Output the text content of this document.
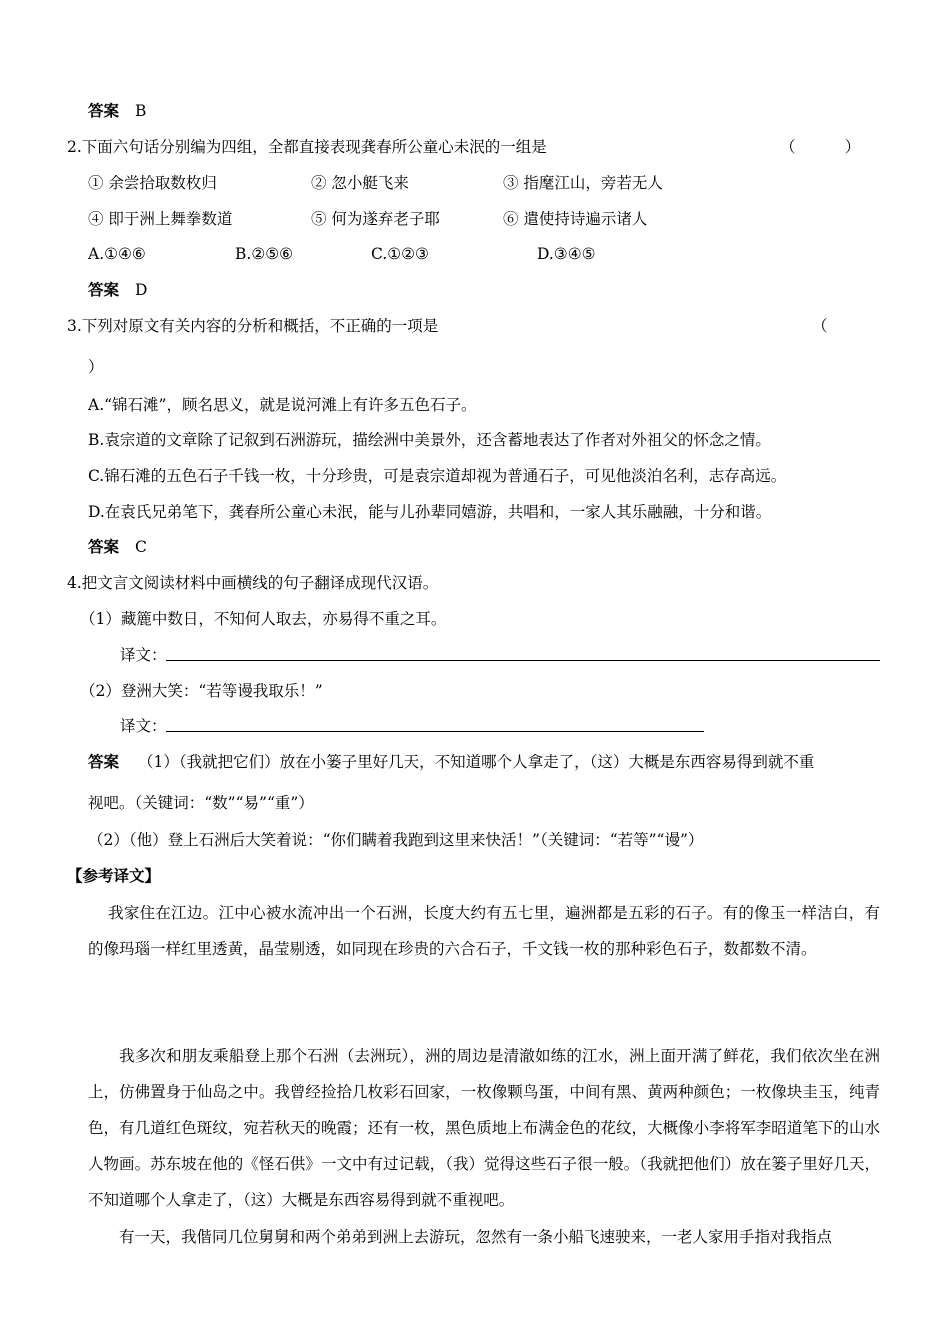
答案 B
2.下面六句话分别编为四组，全都直接表现龚春所公童心未泯的一组是	（          ）
① 余尝拾取数枚归	② 忽小艇飞来	③ 指麾江山，旁若无人
④ 即于洲上舞拳数道	⑤ 何为遂弃老子耶	⑥ 遣使持诗遍示诸人
A.①④⑥	B.②⑤⑥	C.①②③	D.③④⑤
答案 D
3.下列对原文有关内容的分析和概括，不正确的一项是	（
）
A.“锦石滩”，顾名思义，就是说河滩上有许多五色石子。
B.袁宗道的文章除了记叙到石洲游玩，描绘洲中美景外，还含蓄地表达了作者对外祖父的怀念之情。
C.锦石滩的五色石子千钱一枚，十分珍贵，可是袁宗道却视为普通石子，可见他淡泊名利，志存高远。
D.在袁氏兄弟笔下，龚春所公童心未泯，能与儿孙辈同嬉游，共唱和，一家人其乐融融，十分和谐。
答案 C
4.把文言文阅读材料中画横线的句子翻译成现代汉语。
（1）藏簏中数日，不知何人取去，亦易得不重之耳。
译文：
（2）登洲大笑：“若等谩我取乐！”
译文：
答案 （1）（我就把它们）放在小篓子里好几天，不知道哪个人拿走了，（这）大概是东西容易得到就不重
视吧。（关键词：“数”“易”“重”）
（2）（他）登上石洲后大笑着说：“你们瞒着我跑到这里来快活！”（关键词：“若等”“谩”）
【参考译文】
我家住在江边。江中心被水流冲出一个石洲，长度大约有五七里，遍洲都是五彩的石子。有的像玉一样洁白，有的像玛瑙一样红里透黄，晶莹剔透，如同现在珍贵的六合石子，千文钱一枚的那种彩色石子，数都数不清。
我多次和朋友乘船登上那个石洲（去洲玩），洲的周边是清澈如练的江水，洲上面开满了鲜花，我们依次坐在洲上，仿佛置身于仙岛之中。我曾经捡拾几枚彩石回家，一枚像颗鸟蛋，中间有黑、黄两种颜色；一枚像块圭玉，纯青色，有几道红色斑纹，宛若秋天的晚霞；还有一枚，黑色质地上布满金色的花纹，大概像小李将军李昭道笔下的山水人物画。苏东坡在他的《怪石供》一文中有过记载，（我）觉得这些石子很一般。（我就把他们）放在篓子里好几天，不知道哪个人拿走了，（这）大概是东西容易得到就不重视吧。
有一天，我偕同几位舅舅和两个弟弟到洲上去游玩，忽然有一条小船飞速驶来，一老人家用手指对我指点
